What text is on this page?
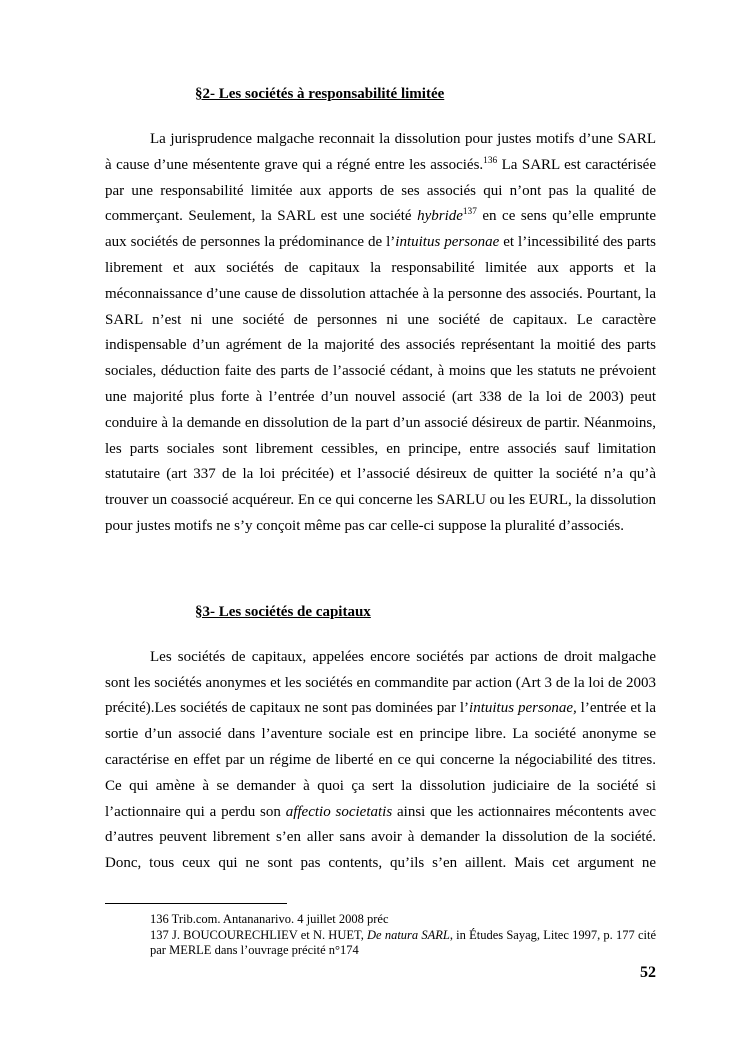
§2- Les sociétés à responsabilité limitée

La jurisprudence malgache reconnait la dissolution pour justes motifs d’une SARL à cause d’une mésentente grave qui a régné entre les associés.$^{136}$ La SARL est caractérisée par une responsabilité limitée aux apports de ses associés qui n’ont pas la qualité de commerçant. Seulement, la SARL est une société hybride$^{137}$ en ce sens qu’elle emprunte aux sociétés de personnes la prédominance de l’intuitus personae et l’incessibilité des parts librement et aux sociétés de capitaux la responsabilité limitée aux apports et la méconnaissance d’une cause de dissolution attachée à la personne des associés. Pourtant, la SARL n’est ni une société de personnes ni une société de capitaux. Le caractère indispensable d’un agrément de la majorité des associés représentant la moitié des parts sociales, déduction faite des parts de l’associé cédant, à moins que les statuts ne prévoient une majorité plus forte à l’entrée d’un nouvel associé (art 338 de la loi de 2003) peut conduire à la demande en dissolution de la part d’un associé désireux de partir. Néanmoins, les parts sociales sont librement cessibles, en principe, entre associés sauf limitation statutaire (art 337 de la loi précitée) et l’associé désireux de quitter la société n’a qu’à trouver un coassocié acquéreur. En ce qui concerne les SARLU ou les EURL, la dissolution pour justes motifs ne s’y conçoit même pas car celle-ci suppose la pluralité d’associés.

§3- Les sociétés de capitaux

Les sociétés de capitaux, appelées encore sociétés par actions de droit malgache sont les sociétés anonymes et les sociétés en commandite par action (Art 3 de la loi de 2003 précité).Les sociétés de capitaux ne sont pas dominées par l’intuitus personae, l’entrée et la sortie d’un associé dans l’aventure sociale est en principe libre. La société anonyme se caractérise en effet par un régime de liberté en ce qui concerne la négociabilité des titres. Ce qui amène à se demander à quoi ça sert la dissolution judiciaire de la société si l’actionnaire qui a perdu son affectio societatis ainsi que les actionnaires mécontents avec d’autres peuvent librement s’en aller sans avoir à demander la dissolution de la société. Donc, tous ceux qui ne sont pas contents, qu’ils s’en aillent. Mais cet argument ne

136 Trib.com. Antananarivo. 4 juillet 2008 préc
137 J. BOUCOURECHLIEV et N. HUET, De natura SARL, in Études Sayag, Litec 1997, p. 177 cité par MERLE dans l’ouvrage précité n°174
52
